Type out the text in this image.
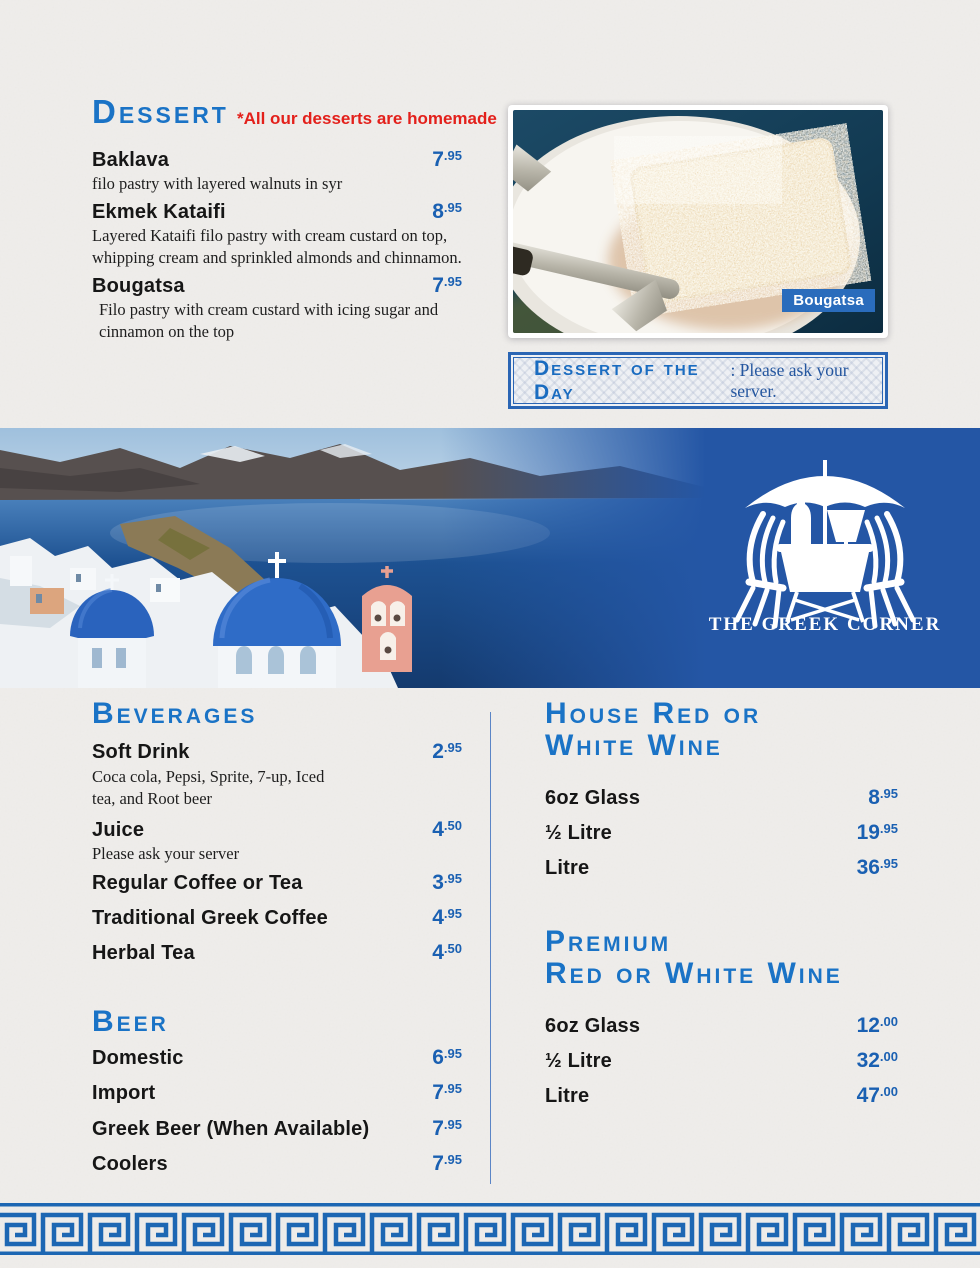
Dessert *All our desserts are homemade
Baklava	$7^{.95}$
filo pastry with layered walnuts in syr
Ekmek Kataifi	$8^{.95}$
Layered Kataifi filo pastry with cream custard on top, whipping cream and sprinkled almonds and chinnamon.
Bougatsa	$7^{.95}$
Filo pastry with cream custard with icing sugar and cinnamon on the top
Bougatsa
Dessert of the Day
: Please ask your server.
THE GREEK CORNER
Beverages
Soft Drink	$2^{.95}$
Coca cola, Pepsi, Sprite, 7-up, Iced tea, and Root beer
Juice	$4^{.50}$
Please ask your server
Regular Coffee or Tea	$3^{.95}$
Traditional Greek Coffee	$4^{.95}$
Herbal Tea	$4^{.50}$
Beer
Domestic	$6^{.95}$
Import	$7^{.95}$
Greek Beer (When Available)	$7^{.95}$
Coolers	$7^{.95}$
House Red or
White Wine
6oz Glass	$8^{.95}$
½ Litre	$19^{.95}$
Litre	$36^{.95}$
Premium
Red or White Wine
6oz Glass	$12^{.00}$
½ Litre	$32^{.00}$
Litre	$47^{.00}$
